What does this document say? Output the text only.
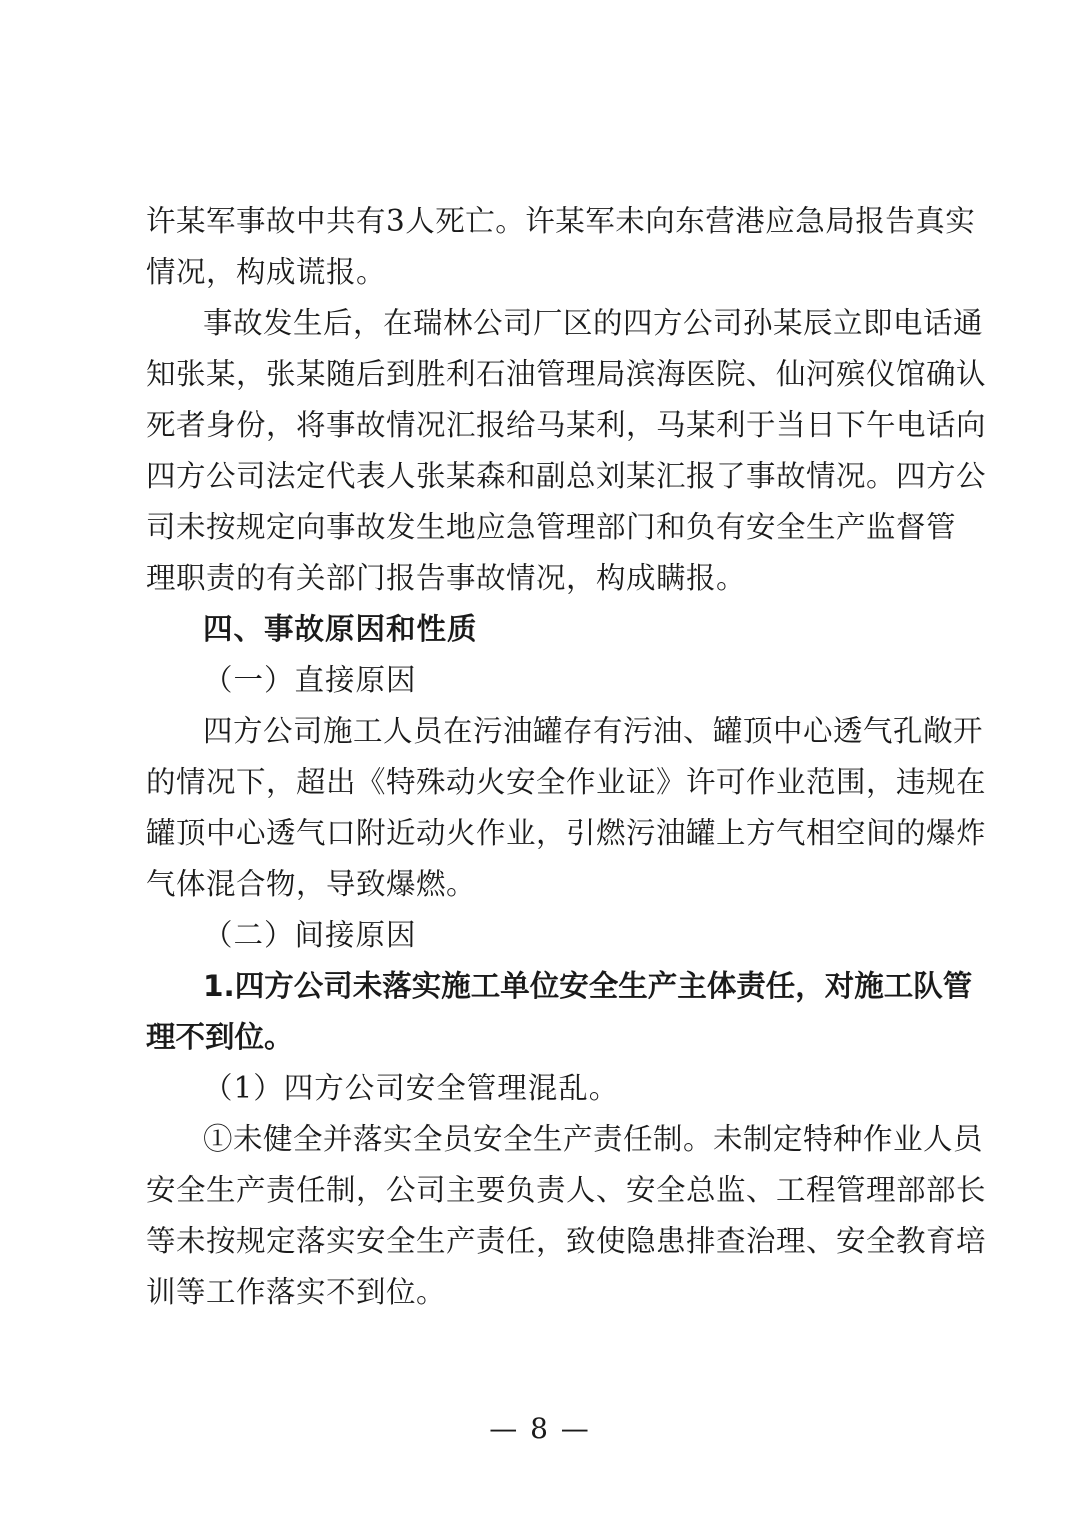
许某军事故中共有3人死亡。许某军未向东营港应急局报告真实
情况，构成谎报。
事故发生后，在瑞林公司厂区的四方公司孙某辰立即电话通
知张某，张某随后到胜利石油管理局滨海医院、仙河殡仪馆确认
死者身份，将事故情况汇报给马某利，马某利于当日下午电话向
四方公司法定代表人张某森和副总刘某汇报了事故情况。四方公
司未按规定向事故发生地应急管理部门和负有安全生产监督管
理职责的有关部门报告事故情况，构成瞒报。
四、事故原因和性质
（一）直接原因
四方公司施工人员在污油罐存有污油、罐顶中心透气孔敞开
的情况下，超出《特殊动火安全作业证》许可作业范围，违规在
罐顶中心透气口附近动火作业，引燃污油罐上方气相空间的爆炸
气体混合物，导致爆燃。
（二）间接原因
1.四方公司未落实施工单位安全生产主体责任，对施工队管
理不到位。
（1）四方公司安全管理混乱。
①未健全并落实全员安全生产责任制。未制定特种作业人员
安全生产责任制，公司主要负责人、安全总监、工程管理部部长
等未按规定落实安全生产责任，致使隐患排查治理、安全教育培
训等工作落实不到位。
— 8 —
